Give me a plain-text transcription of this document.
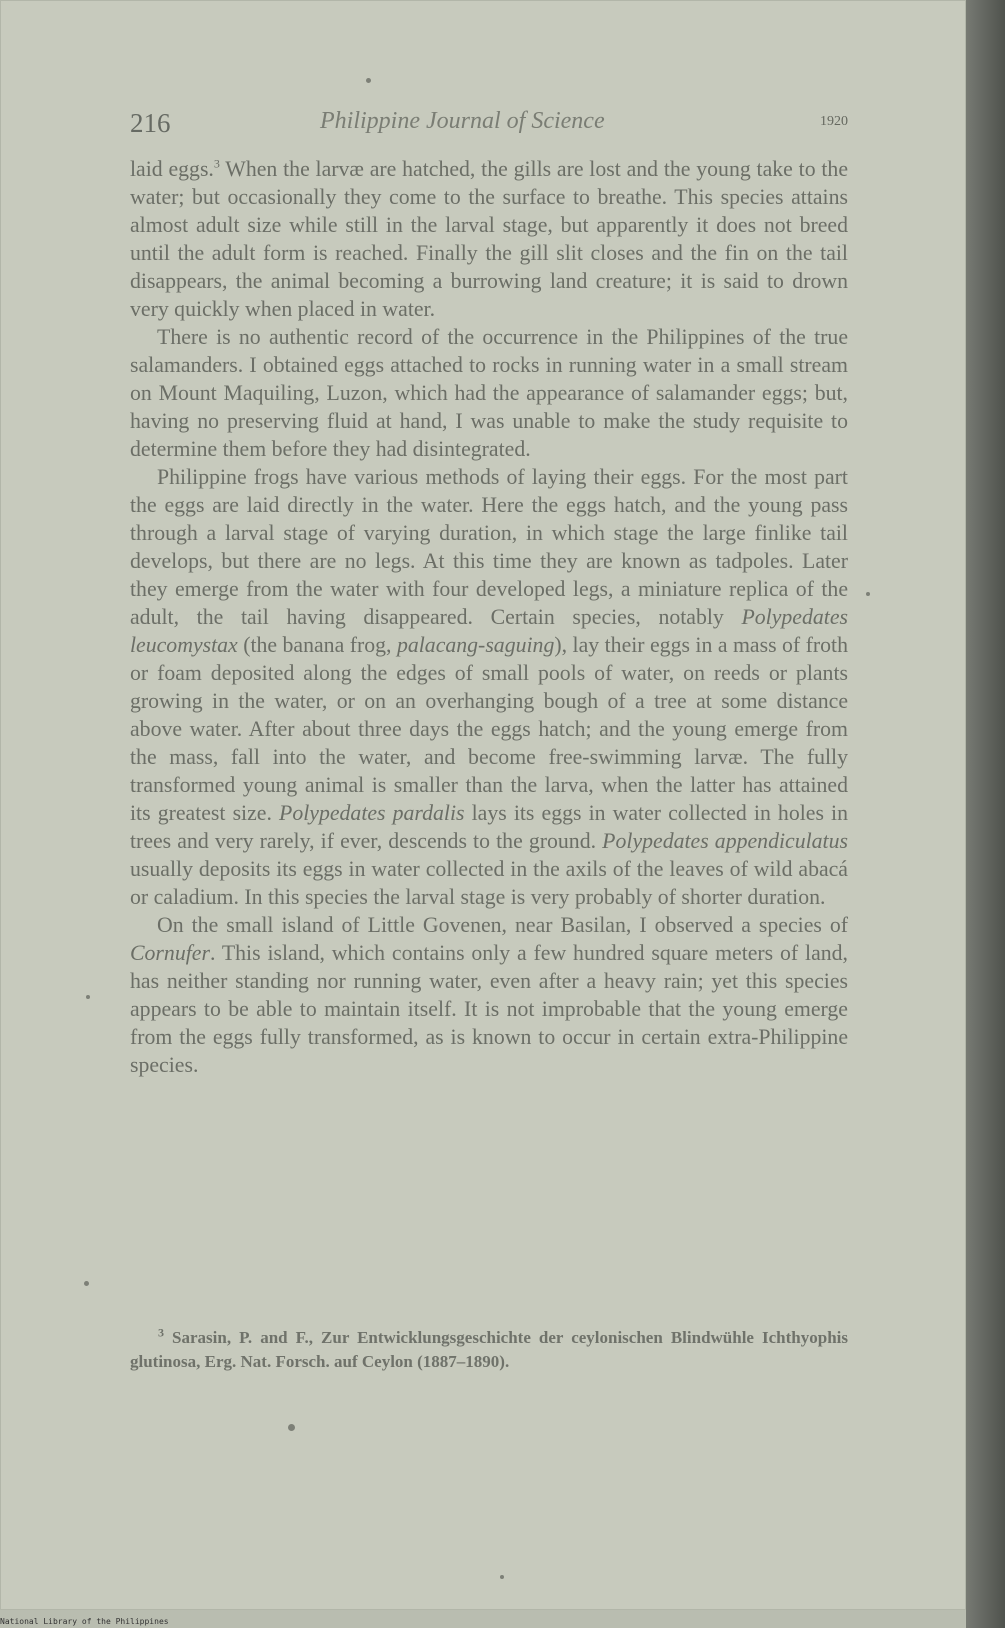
216	Philippine Journal of Science	1920

laid eggs.$^3$ When the larvæ are hatched, the gills are lost and the young take to the water; but occasionally they come to the surface to breathe. This species attains almost adult size while still in the larval stage, but apparently it does not breed until the adult form is reached. Finally the gill slit closes and the fin on the tail disappears, the animal becoming a burrowing land creature; it is said to drown very quickly when placed in water.

There is no authentic record of the occurrence in the Philippines of the true salamanders. I obtained eggs attached to rocks in running water in a small stream on Mount Maquiling, Luzon, which had the appearance of salamander eggs; but, having no preserving fluid at hand, I was unable to make the study requisite to determine them before they had disintegrated.

Philippine frogs have various methods of laying their eggs. For the most part the eggs are laid directly in the water. Here the eggs hatch, and the young pass through a larval stage of varying duration, in which stage the large finlike tail develops, but there are no legs. At this time they are known as tadpoles. Later they emerge from the water with four developed legs, a miniature replica of the adult, the tail having disappeared. Certain species, notably Polypedates leucomystax (the banana frog, palacang-saguing), lay their eggs in a mass of froth or foam deposited along the edges of small pools of water, on reeds or plants growing in the water, or on an overhanging bough of a tree at some distance above water. After about three days the eggs hatch; and the young emerge from the mass, fall into the water, and become free-swimming larvæ. The fully transformed young animal is smaller than the larva, when the latter has attained its greatest size. Polypedates pardalis lays its eggs in water collected in holes in trees and very rarely, if ever, descends to the ground. Polypedates appendiculatus usually deposits its eggs in water collected in the axils of the leaves of wild abacá or caladium. In this species the larval stage is very probably of shorter duration.

On the small island of Little Govenen, near Basilan, I observed a species of Cornufer. This island, which contains only a few hundred square meters of land, has neither standing nor running water, even after a heavy rain; yet this species appears to be able to maintain itself. It is not improbable that the young emerge from the eggs fully transformed, as is known to occur in certain extra-Philippine species.

$^3$ Sarasin, P. and F., Zur Entwicklungsgeschichte der ceylonischen Blindwühle Ichthyophis glutinosa, Erg. Nat. Forsch. auf Ceylon (1887–1890).

National Library of the Philippines
